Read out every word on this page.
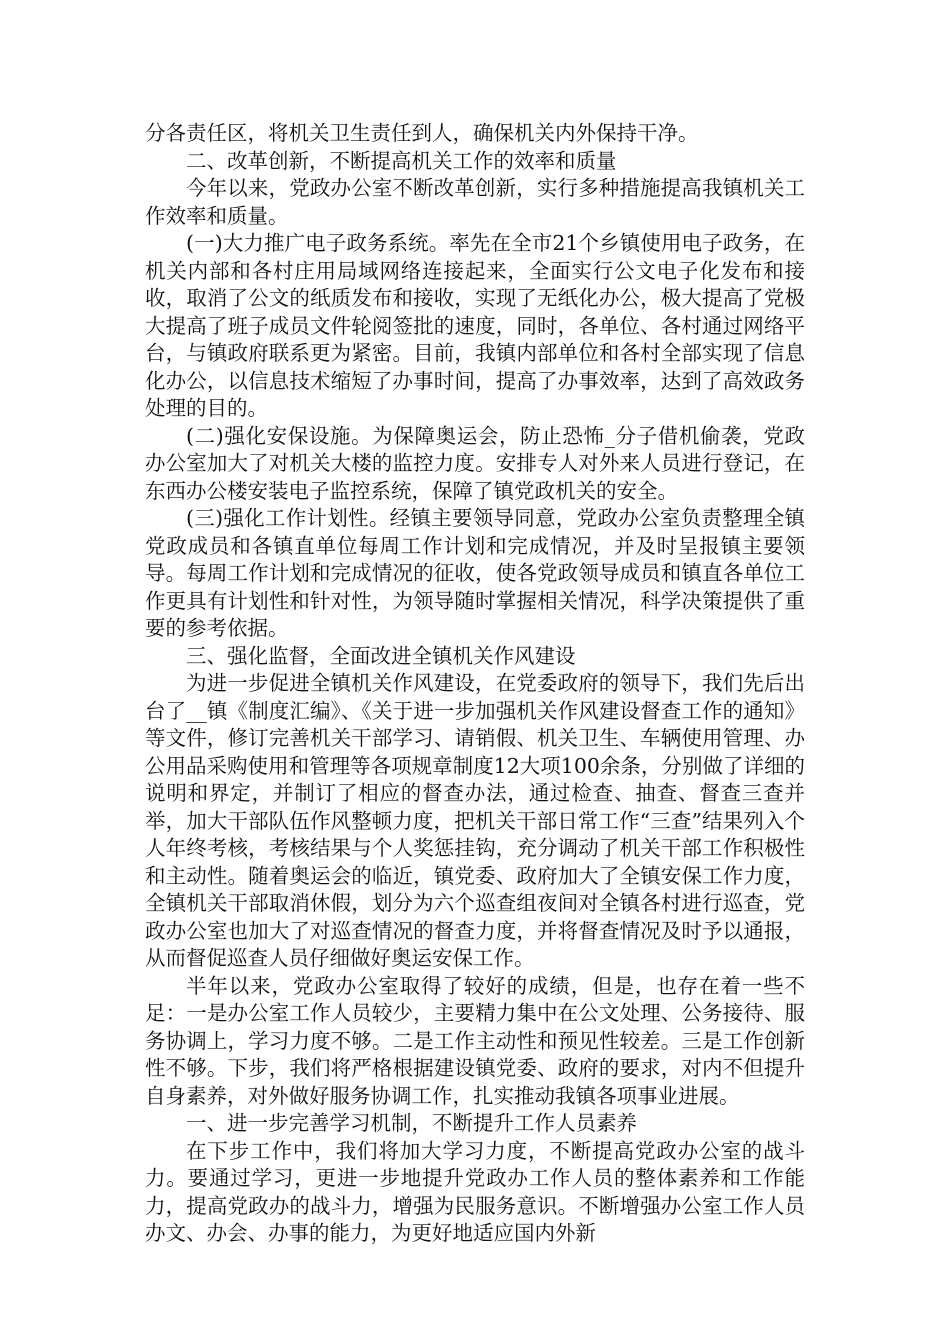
分各责任区，将机关卫生责任到人，确保机关内外保持干净。

二、改革创新，不断提高机关工作的效率和质量

今年以来，党政办公室不断改革创新，实行多种措施提高我镇机关工作效率和质量。

(一)大力推广电子政务系统。率先在全市21个乡镇使用电子政务，在机关内部和各村庄用局域网络连接起来，全面实行公文电子化发布和接收，取消了公文的纸质发布和接收，实现了无纸化办公，极大提高了党极大提高了班子成员文件轮阅签批的速度，同时，各单位、各村通过网络平台，与镇政府联系更为紧密。目前，我镇内部单位和各村全部实现了信息化办公，以信息技术缩短了办事时间，提高了办事效率，达到了高效政务处理的目的。

(二)强化安保设施。为保障奥运会，防止恐怖_分子借机偷袭，党政办公室加大了对机关大楼的监控力度。安排专人对外来人员进行登记，在东西办公楼安装电子监控系统，保障了镇党政机关的安全。

(三)强化工作计划性。经镇主要领导同意，党政办公室负责整理全镇党政成员和各镇直单位每周工作计划和完成情况，并及时呈报镇主要领导。每周工作计划和完成情况的征收，使各党政领导成员和镇直各单位工作更具有计划性和针对性，为领导随时掌握相关情况，科学决策提供了重要的参考依据。

三、强化监督，全面改进全镇机关作风建设

为进一步促进全镇机关作风建设，在党委政府的领导下，我们先后出台了__镇《制度汇编》、《关于进一步加强机关作风建设督查工作的通知》等文件，修订完善机关干部学习、请销假、机关卫生、车辆使用管理、办公用品采购使用和管理等各项规章制度12大项100余条，分别做了详细的说明和界定，并制订了相应的督查办法，通过检查、抽查、督查三查并举，加大干部队伍作风整顿力度，把机关干部日常工作“三查”结果列入个人年终考核，考核结果与个人奖惩挂钩，充分调动了机关干部工作积极性和主动性。随着奥运会的临近，镇党委、政府加大了全镇安保工作力度，全镇机关干部取消休假，划分为六个巡查组夜间对全镇各村进行巡查，党政办公室也加大了对巡查情况的督查力度，并将督查情况及时予以通报，从而督促巡查人员仔细做好奥运安保工作。

半年以来，党政办公室取得了较好的成绩，但是，也存在着一些不足：一是办公室工作人员较少，主要精力集中在公文处理、公务接待、服务协调上，学习力度不够。二是工作主动性和预见性较差。三是工作创新性不够。下步，我们将严格根据建设镇党委、政府的要求，对内不但提升自身素养，对外做好服务协调工作，扎实推动我镇各项事业进展。

一、进一步完善学习机制，不断提升工作人员素养

在下步工作中，我们将加大学习力度，不断提高党政办公室的战斗力。要通过学习，更进一步地提升党政办工作人员的整体素养和工作能力，提高党政办的战斗力，增强为民服务意识。不断增强办公室工作人员办文、办会、办事的能力，为更好地适应国内外新
